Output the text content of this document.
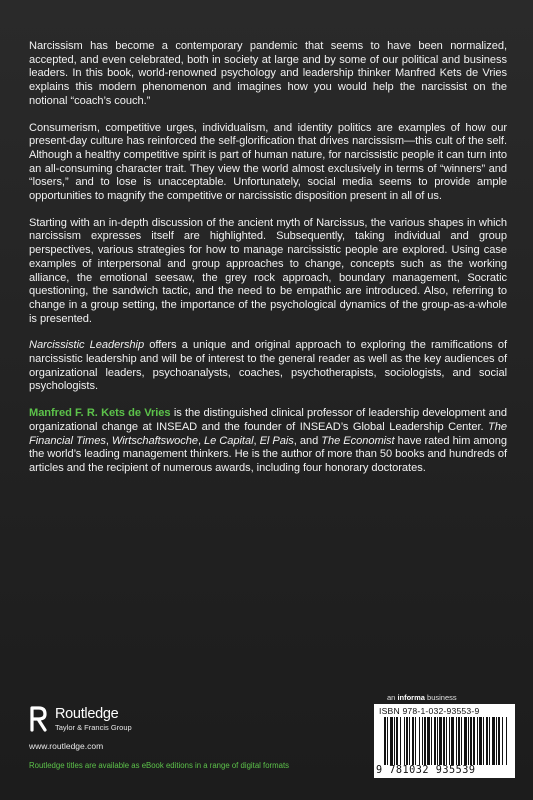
Narcissism has become a contemporary pandemic that seems to have been normalized, accepted, and even celebrated, both in society at large and by some of our political and business leaders. In this book, world-renowned psychology and leadership thinker Manfred Kets de Vries explains this modern phenomenon and imagines how you would help the narcissist on the notional “coach’s couch.”

Consumerism, competitive urges, individualism, and identity politics are examples of how our present-day culture has reinforced the self-glorification that drives narcissism—this cult of the self. Although a healthy competitive spirit is part of human nature, for narcissistic people it can turn into an all-consuming character trait. They view the world almost exclusively in terms of “winners” and “losers,” and to lose is unacceptable. Unfortunately, social media seems to provide ample opportunities to magnify the competitive or narcissistic disposition present in all of us.

Starting with an in-depth discussion of the ancient myth of Narcissus, the various shapes in which narcissism expresses itself are highlighted. Subsequently, taking individual and group perspectives, various strategies for how to manage narcissistic people are explored. Using case examples of interpersonal and group approaches to change, concepts such as the working alliance, the emotional seesaw, the grey rock approach, boundary management, Socratic questioning, the sandwich tactic, and the need to be empathic are introduced. Also, referring to change in a group setting, the importance of the psychological dynamics of the group-as-a-whole is presented.

Narcissistic Leadership offers a unique and original approach to exploring the ramifications of narcissistic leadership and will be of interest to the general reader as well as the key audiences of organizational leaders, psychoanalysts, coaches, psychotherapists, sociologists, and social psychologists.

Manfred F. R. Kets de Vries is the distinguished clinical professor of leadership development and organizational change at INSEAD and the founder of INSEAD’s Global Leadership Center. The Financial Times, Wirtschaftswoche, Le Capital, El Pais, and The Economist have rated him among the world’s leading management thinkers. He is the author of more than 50 books and hundreds of articles and the recipient of numerous awards, including four honorary doctorates.

Routledge
Taylor & Francis Group
www.routledge.com
Routledge titles are available as eBook editions in a range of digital formats
an informa business
ISBN 978-1-032-93553-9
9 781032 935539
